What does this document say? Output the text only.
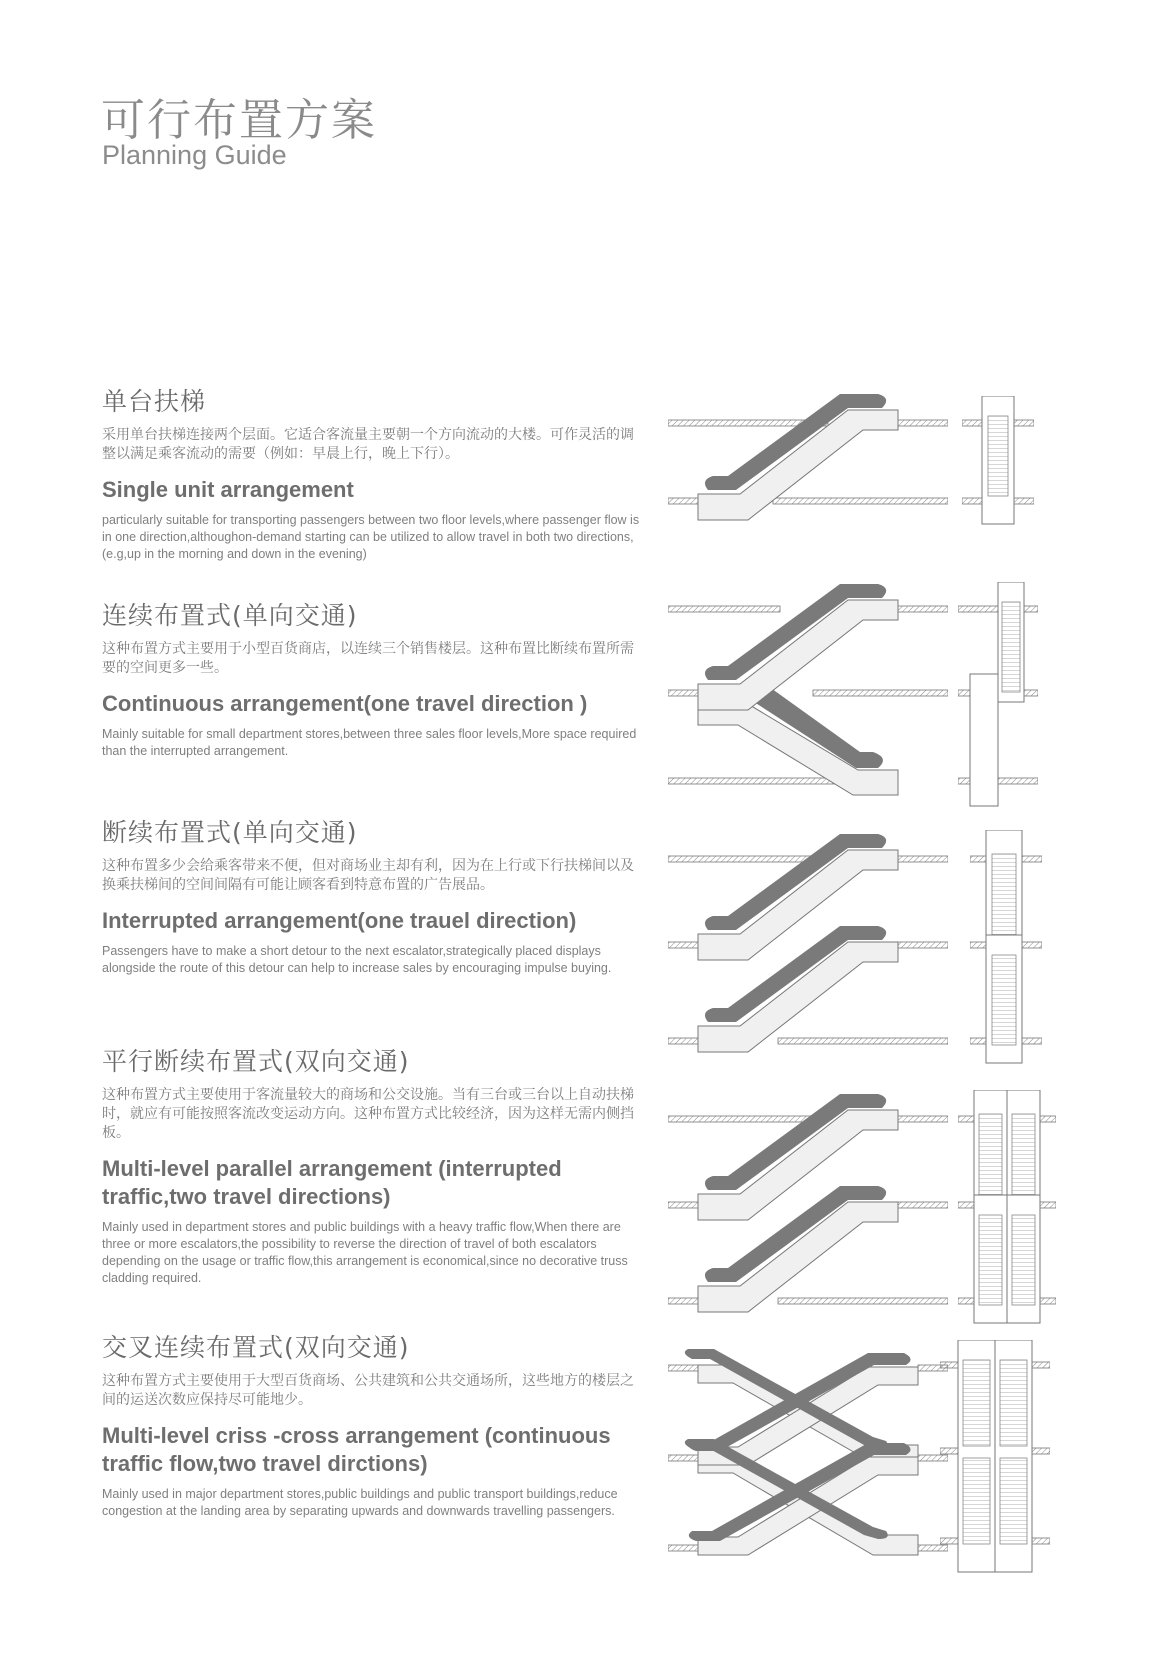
可行布置方案
Planning Guide
单台扶梯

采用单台扶梯连接两个层面。它适合客流量主要朝一个方向流动的大楼。可作灵活的调整以满足乘客流动的需要（例如：早晨上行，晚上下行）。

Single unit arrangement

particularly suitable for transporting passengers between two floor levels,where passenger flow is in one direction,althoughon-demand starting can be utilized to allow travel in both two directions,(e.g,up in the morning and down in the evening)

连续布置式(单向交通)

这种布置方式主要用于小型百货商店，以连续三个销售楼层。这种布置比断续布置所需要的空间更多一些。

Continuous arrangement(one travel direction )

Mainly suitable for small department stores,between three sales floor levels,More space required than the interrupted arrangement.

断续布置式(单向交通)

这种布置多少会给乘客带来不便，但对商场业主却有利，因为在上行或下行扶梯间以及换乘扶梯间的空间间隔有可能让顾客看到特意布置的广告展品。

Interrupted arrangement(one trauel direction)

Passengers have to make a short detour to the next escalator,strategically placed displays alongside the route of this detour can help to increase sales by encouraging impulse buying.

平行断续布置式(双向交通)

这种布置方式主要使用于客流量较大的商场和公交设施。当有三台或三台以上自动扶梯时，就应有可能按照客流改变运动方向。这种布置方式比较经济，因为这样无需内侧挡板。

Multi-level parallel arrangement (interrupted traffic,two travel directions)

Mainly used in department stores and public buildings with a heavy traffic flow,When there are three or more escalators,the possibility to reverse the direction of travel of both escalators depending on the usage or traffic flow,this arrangement is economical,since no decorative truss cladding required.

交叉连续布置式(双向交通)

这种布置方式主要使用于大型百货商场、公共建筑和公共交通场所，这些地方的楼层之间的运送次数应保持尽可能地少。

Multi-level criss -cross arrangement (continuous traffic flow,two travel dirctions)

Mainly used in major department stores,public buildings and public transport buildings,reduce congestion at the landing area by separating upwards and downwards travelling passengers.
